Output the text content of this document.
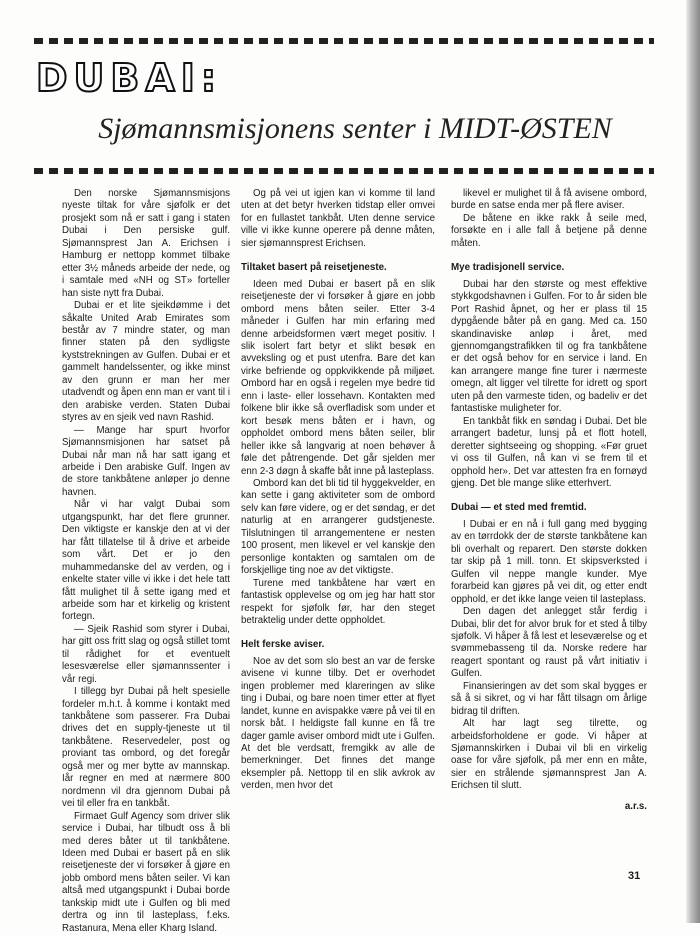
DUBAI:
Sjømannsmisjonens senter i MIDT-ØSTEN

Den norske Sjømannsmisjons nyeste tiltak for våre sjøfolk er det prosjekt som nå er satt i gang i staten Dubai i Den persiske gulf. Sjømannsprest Jan A. Erichsen i Hamburg er nettopp kommet tilbake etter 3½ måneds arbeide der nede, og i samtale med «NH og ST» forteller han siste nytt fra Dubai.

Dubai er et lite sjeikdømme i det såkalte United Arab Emirates som består av 7 mindre stater, og man finner staten på den sydligste kyststrekningen av Gulfen. Dubai er et gammelt handelssenter, og ikke minst av den grunn er man her mer utadvendt og åpen enn man er vant til i den arabiske verden. Staten Dubai styres av en sjeik ved navn Rashid.

— Mange har spurt hvorfor Sjømannsmisjonen har satset på Dubai når man nå har satt igang et arbeide i Den arabiske Gulf. Ingen av de store tankbåtene anløper jo denne havnen.

Når vi har valgt Dubai som utgangspunkt, har det flere grunner. Den viktigste er kanskje den at vi der har fått tillatelse til å drive et arbeide som vårt. Det er jo den muhammedanske del av verden, og i enkelte stater ville vi ikke i det hele tatt fått mulighet til å sette igang med et arbeide som har et kirkelig og kristent fortegn.

— Sjeik Rashid som styrer i Dubai, har gitt oss fritt slag og også stillet tomt til rådighet for et eventuelt lesesværelse eller sjømannssenter i vår regi.

I tillegg byr Dubai på helt spesielle fordeler m.h.t. å komme i kontakt med tankbåtene som passerer. Fra Dubai drives det en supply-tjeneste ut til tankbåtene. Reservedeler, post og proviant tas ombord, og det foregår også mer og mer bytte av mannskap. Iår regner en med at nærmere 800 nordmenn vil dra gjennom Dubai på vei til eller fra en tankbåt.

Firmaet Gulf Agency som driver slik service i Dubai, har tilbudt oss å bli med deres båter ut til tankbåtene. Ideen med Dubai er basert på en slik reisetjeneste der vi forsøker å gjøre en jobb ombord mens båten seiler. Vi kan altså med utgangspunkt i Dubai borde tankskip midt ute i Gulfen og bli med dertra og inn til lasteplass, f.eks. Rastanura, Mena eller Kharg Island.

Og på vei ut igjen kan vi komme til land uten at det betyr hverken tidstap eller omvei for en fullastet tankbåt. Uten denne service ville vi ikke kunne operere på denne måten, sier sjømannsprest Erichsen.

Tiltaket basert på reisetjeneste.

Ideen med Dubai er basert på en slik reisetjeneste der vi forsøker å gjøre en jobb ombord mens båten seiler. Etter 3-4 måneder i Gulfen har min erfaring med denne arbeidsformen vært meget positiv. I slik isolert fart betyr et slikt besøk en avveksling og et pust utenfra. Bare det kan virke befriende og oppkvikkende på miljøet. Ombord har en også i regelen mye bedre tid enn i laste- eller lossehavn. Kontakten med folkene blir ikke så overfladisk som under et kort besøk mens båten er i havn, og oppholdet ombord mens båten seiler, blir heller ikke så langvarig at noen behøver å føle det påtrengende. Det går sjelden mer enn 2-3 døgn å skaffe båt inne på lasteplass.

Ombord kan det bli tid til hyggekvelder, en kan sette i gang aktiviteter som de ombord selv kan føre videre, og er det søndag, er det naturlig at en arrangerer gudstjeneste. Tilslutningen til arrangementene er nesten 100 prosent, men likevel er vel kanskje den personlige kontakten og samtalen om de forskjellige ting noe av det viktigste.

Turene med tankbåtene har vært en fantastisk opplevelse og om jeg har hatt stor respekt for sjøfolk før, har den steget betraktelig under dette oppholdet.

Helt ferske aviser.

Noe av det som slo best an var de ferske avisene vi kunne tilby. Det er overhodet ingen problemer med klareringen av slike ting i Dubai, og bare noen timer etter at flyet landet, kunne en avispakke være på vei til en norsk båt. I heldigste fall kunne en få tre dager gamle aviser ombord midt ute i Gulfen. At det ble verdsatt, fremgikk av alle de bemerkninger. Det finnes det mange eksempler på. Nettopp til en slik avkrok av verden, men hvor det

likevel er mulighet til å få avisene ombord, burde en satse enda mer på flere aviser.

De båtene en ikke rakk å seile med, forsøkte en i alle fall å betjene på denne måten.

Mye tradisjonell service.

Dubai har den største og mest effektive stykkgodshavnen i Gulfen. For to år siden ble Port Rashid åpnet, og her er plass til 15 dypgående båter på en gang. Med ca. 150 skandinaviske anløp i året, med gjennomgangstrafikken til og fra tankbåtene er det også behov for en service i land. En kan arrangere mange fine turer i nærmeste omegn, alt ligger vel tilrette for idrett og sport uten på den varmeste tiden, og badeliv er det fantastiske muligheter for.

En tankbåt fikk en søndag i Dubai. Det ble arrangert badetur, lunsj på et flott hotell, deretter sightseeing og shopping. «Før gruet vi oss til Gulfen, nå kan vi se frem til et opphold her». Det var attesten fra en fornøyd gjeng. Det ble mange slike etterhvert.

Dubai — et sted med fremtid.

I Dubai er en nå i full gang med bygging av en tørrdokk der de største tankbåtene kan bli overhalt og reparert. Den største dokken tar skip på 1 mill. tonn. Et skipsverksted i Gulfen vil neppe mangle kunder. Mye forarbeid kan gjøres på vei dit, og etter endt opphold, er det ikke lange veien til lasteplass.

Den dagen det anlegget står ferdig i Dubai, blir det for alvor bruk for et sted å tilby sjøfolk. Vi håper å få lest et leseværelse og et svømmebasseng til da. Norske redere har reagert spontant og raust på vårt initiativ i Gulfen.

Finansieringen av det som skal bygges er så å si sikret, og vi har fått tilsagn om årlige bidrag til driften.

Alt har lagt seg tilrette, og arbeidsforholdene er gode. Vi håper at Sjømannskirken i Dubai vil bli en virkelig oase for våre sjøfolk, på mer enn en måte, sier en strålende sjømannsprest Jan A. Erichsen til slutt.

a.r.s.

31
